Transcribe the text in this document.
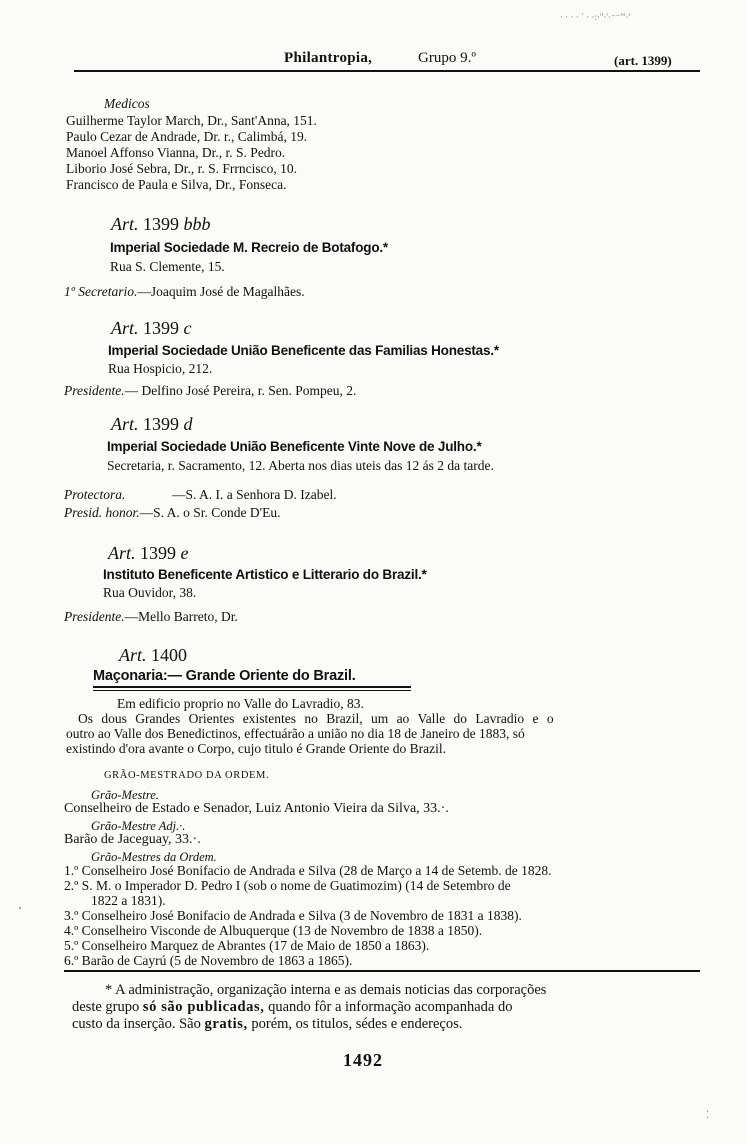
· · · · ` · ·:·''·'·⁻⁻ʹ''·ʹ
Philantropia,	Grupo 9.º	(art. 1399)
Medicos
Guilherme Taylor March, Dr., Sant'Anna, 151.
Paulo Cezar de Andrade, Dr. r., Calimbá, 19.
Manoel Affonso Vianna, Dr., r. S. Pedro.
Liborio José Sebra, Dr., r. S. Frrncisco, 10.
Francisco de Paula e Silva, Dr., Fonseca.
Art. 1399 bbb
Imperial Sociedade M. Recreio de Botafogo.*
Rua S. Clemente, 15.
1º Secretario.—Joaquim José de Magalhães.
Art. 1399 c
Imperial Sociedade União Beneficente das Familias Honestas.*
Rua Hospicio, 212.
Presidente.— Delfino José Pereira, r. Sen. Pompeu, 2.
Art. 1399 d
Imperial Sociedade União Beneficente Vinte Nove de Julho.*
Secretaria, r. Sacramento, 12. Aberta nos dias uteis das 12 ás 2 da tarde.
Protectora.	—S. A. I. a Senhora D. Izabel.
Presid. honor.—S. A. o Sr. Conde D'Eu.
Art. 1399 e
Instituto Beneficente Artistico e Litterario do Brazil.*
Rua Ouvidor, 38.
Presidente.—Mello Barreto, Dr.
Art. 1400
Maçonaria:— Grande Oriente do Brazil.
Em edificio proprio no Valle do Lavradio, 83.
Os dous Grandes Orientes existentes no Brazil, um ao Valle do Lavradio e o
outro ao Valle dos Benedictinos, effectuárão a união no dia 18 de Janeiro de 1883, só
existindo d'ora avante o Corpo, cujo titulo é Grande Oriente do Brazil.
GRÃO-MESTRADO DA ORDEM.
Grão-Mestre.
Conselheiro de Estado e Senador, Luiz Antonio Vieira da Silva, 33.·.
Grão-Mestre Adj.·.
Barão de Jaceguay, 33.·.
Grão-Mestres da Ordem.
1.º Conselheiro José Bonifacio de Andrada e Silva (28 de Março a 14 de Setemb. de 1828.
2.º S. M. o Imperador D. Pedro I (sob o nome de Guatimozim) (14 de Setembro de
1822 a 1831).
3.º Conselheiro José Bonifacio de Andrada e Silva (3 de Novembro de 1831 a 1838).
4.º Conselheiro Visconde de Albuquerque (13 de Novembro de 1838 a 1850).
5.º Conselheiro Marquez de Abrantes (17 de Maio de 1850 a 1863).
6.º Barão de Cayrú (5 de Novembro de 1863 a 1865).
* A administração, organização interna e as demais noticias das corporações
deste grupo só são publicadas, quando fôr a informação acompanhada do
custo da inserção. São gratis, porém, os titulos, sédes e endereços.
1492
ʹ
⁚
